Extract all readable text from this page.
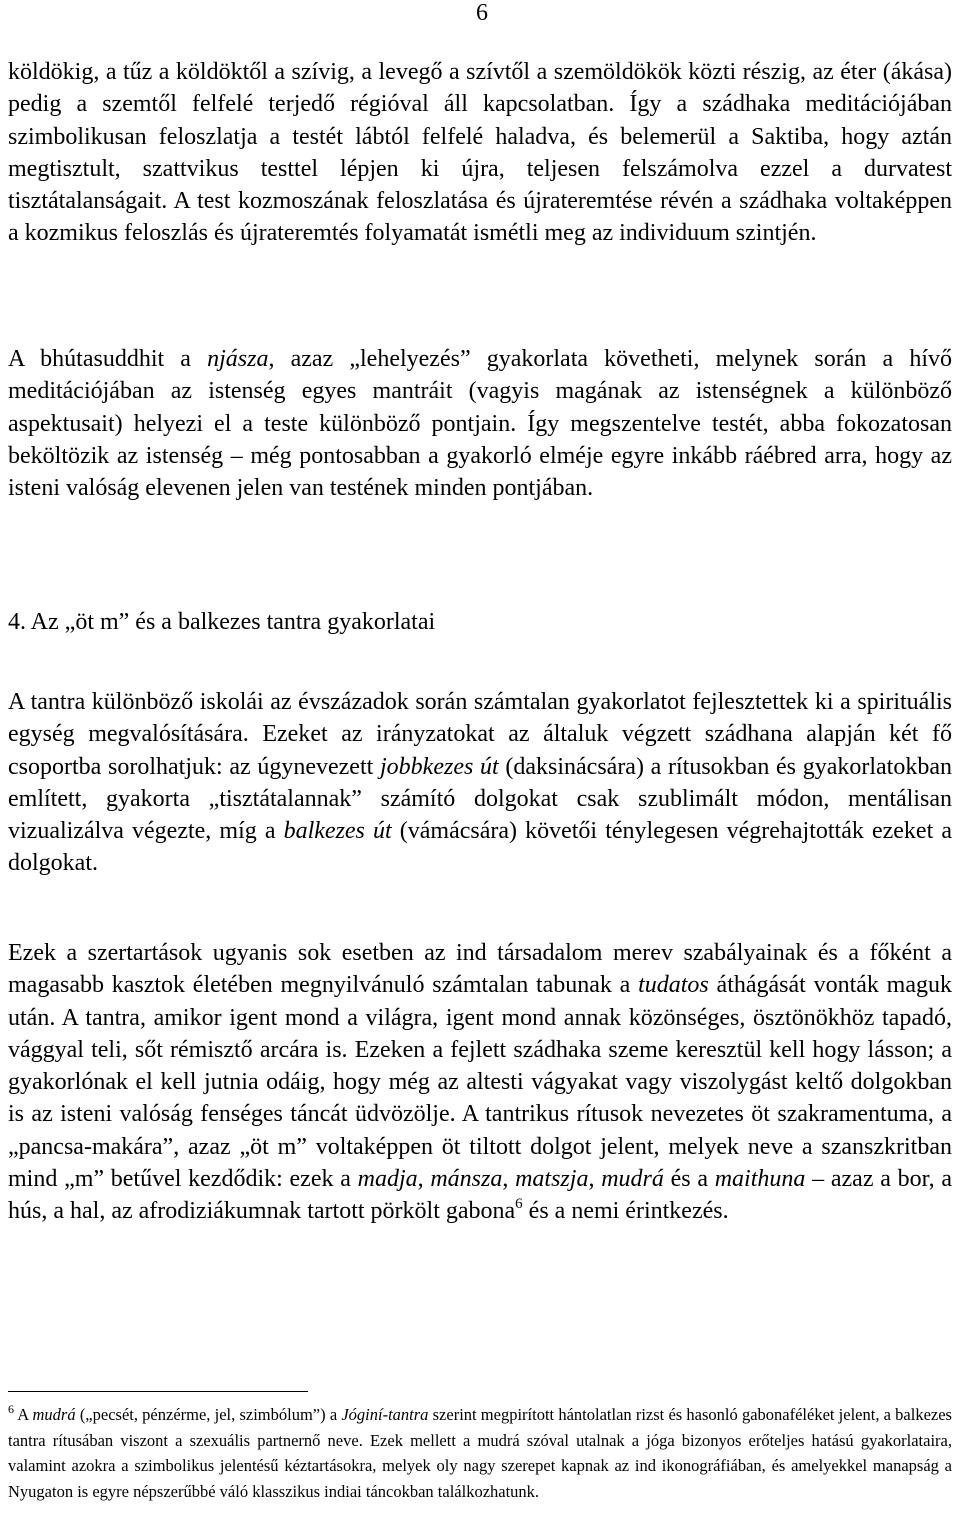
6

köldökig, a tűz a köldöktől a szívig, a levegő a szívtől a szemöldökök közti részig, az éter (ákása) pedig a szemtől felfelé terjedő régióval áll kapcsolatban. Így a szádhaka meditációjában szimbolikusan feloszlatja a testét lábtól felfelé haladva, és belemerül a Saktiba, hogy aztán megtisztult, szattvikus testtel lépjen ki újra, teljesen felszámolva ezzel a durvatest tisztátalanságait. A test kozmoszának feloszlatása és újrateremtése révén a szádhaka voltaképpen a kozmikus feloszlás és újrateremtés folyamatát ismétli meg az individuum szintjén.

A bhútasuddhit a njásza, azaz „lehelyezés” gyakorlata követheti, melynek során a hívő meditációjában az istenség egyes mantráit (vagyis magának az istenségnek a különböző aspektusait) helyezi el a teste különböző pontjain. Így megszentelve testét, abba fokozatosan beköltözik az istenség – még pontosabban a gyakorló elméje egyre inkább ráébred arra, hogy az isteni valóság elevenen jelen van testének minden pontjában.

4. Az „öt m” és a balkezes tantra gyakorlatai

A tantra különböző iskolái az évszázadok során számtalan gyakorlatot fejlesztettek ki a spirituális egység megvalósítására. Ezeket az irányzatokat az általuk végzett szádhana alapján két fő csoportba sorolhatjuk: az úgynevezett jobbkezes út (daksinácsára) a rítusokban és gyakorlatokban említett, gyakorta „tisztátalannak” számító dolgokat csak szublimált módon, mentálisan vizualizálva végezte, míg a balkezes út (vámácsára) követői ténylegesen végrehajtották ezeket a dolgokat.

Ezek a szertartások ugyanis sok esetben az ind társadalom merev szabályainak és a főként a magasabb kasztok életében megnyilvánuló számtalan tabunak a tudatos áthágását vonták maguk után. A tantra, amikor igent mond a világra, igent mond annak közönséges, ösztönökhöz tapadó, vággyal teli, sőt rémisztő arcára is. Ezeken a fejlett szádhaka szeme keresztül kell hogy lásson; a gyakorlónak el kell jutnia odáig, hogy még az altesti vágyakat vagy viszolygást keltő dolgokban is az isteni valóság fenséges táncát üdvözölje. A tantrikus rítusok nevezetes öt szakramentuma, a „pancsa-makára”, azaz „öt m” voltaképpen öt tiltott dolgot jelent, melyek neve a szanszkritban mind „m” betűvel kezdődik: ezek a madja, mánsza, matszja, mudrá és a maithuna – azaz a bor, a hús, a hal, az afrodiziákumnak tartott pörkölt gabona$^6$ és a nemi érintkezés.

$^6$ A mudrá („pecsét, pénzérme, jel, szimbólum”) a Jóginí-tantra szerint megpirított hántolatlan rizst és hasonló gabonaféléket jelent, a balkezes tantra rítusában viszont a szexuális partnernő neve. Ezek mellett a mudrá szóval utalnak a jóga bizonyos erőteljes hatású gyakorlataira, valamint azokra a szimbolikus jelentésű kéztartásokra, melyek oly nagy szerepet kapnak az ind ikonográfiában, és amelyekkel manapság a Nyugaton is egyre népszerűbbé váló klasszikus indiai táncokban találkozhatunk.
